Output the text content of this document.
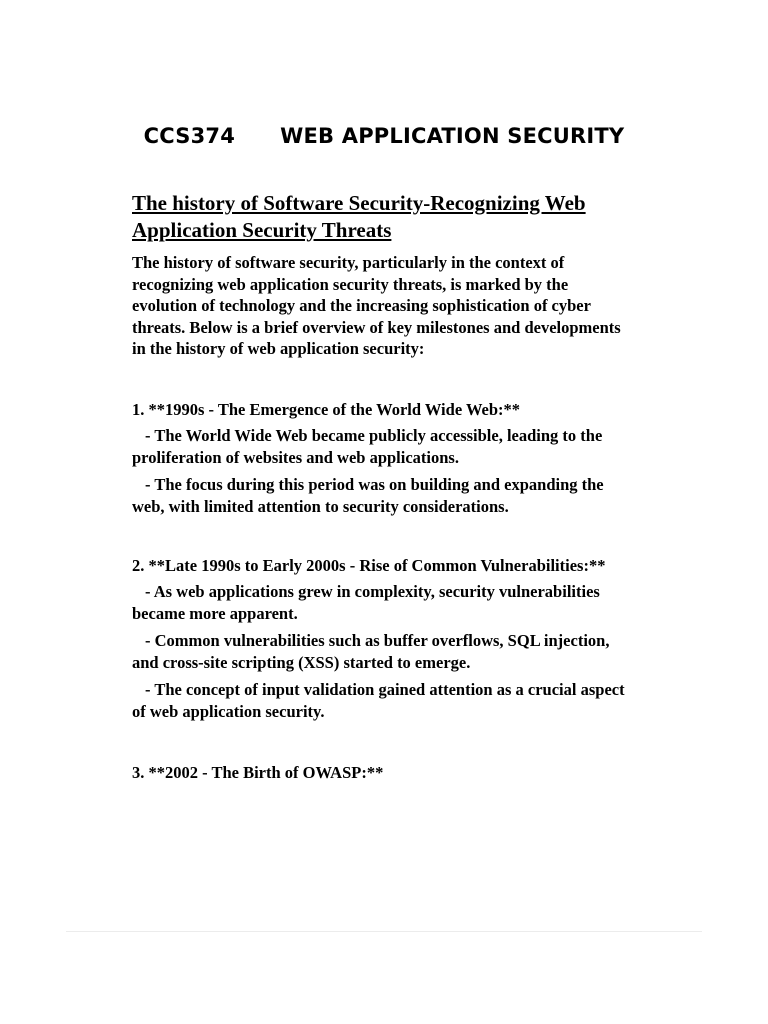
CCS374 WEB APPLICATION SECURITY
The history of Software Security-Recognizing Web Application Security Threats

The history of software security, particularly in the context of recognizing web application security threats, is marked by the evolution of technology and the increasing sophistication of cyber threats. Below is a brief overview of key milestones and developments in the history of web application security:

1. **1990s - The Emergence of the World Wide Web:**

- The World Wide Web became publicly accessible, leading to the proliferation of websites and web applications.

- The focus during this period was on building and expanding the web, with limited attention to security considerations.

2. **Late 1990s to Early 2000s - Rise of Common Vulnerabilities:**

- As web applications grew in complexity, security vulnerabilities became more apparent.

- Common vulnerabilities such as buffer overflows, SQL injection, and cross-site scripting (XSS) started to emerge.

- The concept of input validation gained attention as a crucial aspect of web application security.

3. **2002 - The Birth of OWASP:**
